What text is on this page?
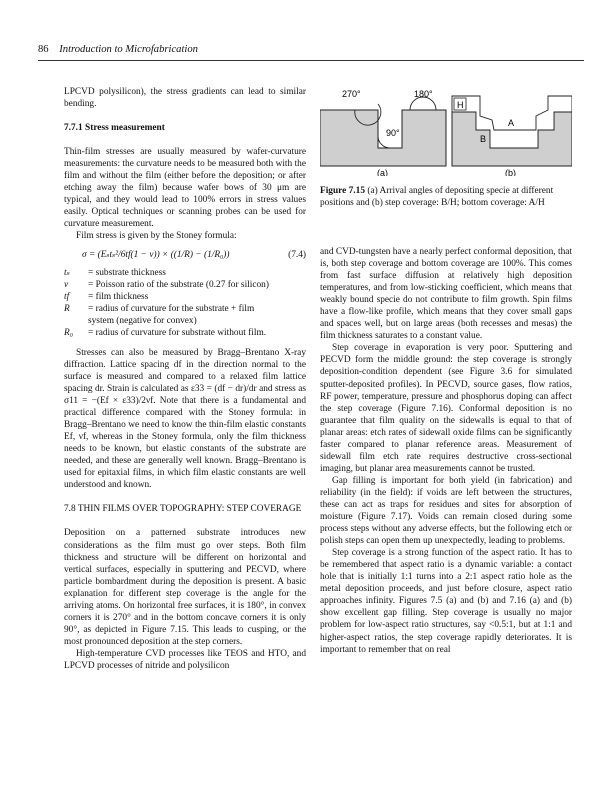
86 Introduction to Microfabrication

LPCVD polysilicon), the stress gradients can lead to similar bending.

7.7.1 Stress measurement

Thin-film stresses are usually measured by wafer-curvature measurements: the curvature needs to be measured both with the film and without the film (either before the deposition; or after etching away the film) because wafer bows of 30 μm are typical, and they would lead to 100% errors in stress values easily. Optical techniques or scanning probes can be used for curvature measurement.

Film stress is given by the Stoney formula:

σ = (Eₛtₛ²/6tf(1 − ν)) × ((1/R) − (1/R₀))	(7.4)
tₛ	= substrate thickness
ν	= Poisson ratio of the substrate (0.27 for silicon)
tf	= film thickness
R	= radius of curvature for the substrate + film
system (negative for convex)
R₀	= radius of curvature for substrate without film.

Stresses can also be measured by Bragg–Brentano X-ray diffraction. Lattice spacing df in the direction normal to the surface is measured and compared to a relaxed film lattice spacing dr. Strain is calculated as ε33 = (df − dr)/dr and stress as σ11 = −(Ef × ε33)/2νf. Note that there is a fundamental and practical difference compared with the Stoney formula: in Bragg–Brentano we need to know the thin-film elastic constants Ef, νf, whereas in the Stoney formula, only the film thickness needs to be known, but elastic constants of the substrate are needed, and these are generally well known. Bragg–Brentano is used for epitaxial films, in which film elastic constants are well understood and known.

7.8 THIN FILMS OVER TOPOGRAPHY: STEP COVERAGE

Deposition on a patterned substrate introduces new considerations as the film must go over steps. Both film thickness and structure will be different on horizontal and vertical surfaces, especially in sputtering and PECVD, where particle bombardment during the deposition is present. A basic explanation for different step coverage is the angle for the arriving atoms. On horizontal free surfaces, it is 180°, in convex corners it is 270° and in the bottom concave corners it is only 90°, as depicted in Figure 7.15. This leads to cusping, or the most pronounced deposition at the step corners.

High-temperature CVD processes like TEOS and HTO, and LPCVD processes of nitride and polysilicon

270°	180°
90°
(a)
H
A
B
(b)

Figure 7.15 (a) Arrival angles of depositing specie at different positions and (b) step coverage: B/H; bottom coverage: A/H

and CVD-tungsten have a nearly perfect conformal deposition, that is, both step coverage and bottom coverage are 100%. This comes from fast surface diffusion at relatively high deposition temperatures, and from low-sticking coefficient, which means that weakly bound specie do not contribute to film growth. Spin films have a flow-like profile, which means that they cover small gaps and spaces well, but on large areas (both recesses and mesas) the film thickness saturates to a constant value.

Step coverage in evaporation is very poor. Sputtering and PECVD form the middle ground: the step coverage is strongly deposition-condition dependent (see Figure 3.6 for simulated sputter-deposited profiles). In PECVD, source gases, flow ratios, RF power, temperature, pressure and phosphorus doping can affect the step coverage (Figure 7.16). Conformal deposition is no guarantee that film quality on the sidewalls is equal to that of planar areas: etch rates of sidewall oxide films can be significantly faster compared to planar reference areas. Measurement of sidewall film etch rate requires destructive cross-sectional imaging, but planar area measurements cannot be trusted.

Gap filling is important for both yield (in fabrication) and reliability (in the field): if voids are left between the structures, these can act as traps for residues and sites for absorption of moisture (Figure 7.17). Voids can remain closed during some process steps without any adverse effects, but the following etch or polish steps can open them up unexpectedly, leading to problems.

Step coverage is a strong function of the aspect ratio. It has to be remembered that aspect ratio is a dynamic variable: a contact hole that is initially 1:1 turns into a 2:1 aspect ratio hole as the metal deposition proceeds, and just before closure, aspect ratio approaches infinity. Figures 7.5 (a) and (b) and 7.16 (a) and (b) show excellent gap filling. Step coverage is usually no major problem for low-aspect ratio structures, say <0.5:1, but at 1:1 and higher-aspect ratios, the step coverage rapidly deteriorates. It is important to remember that on real
